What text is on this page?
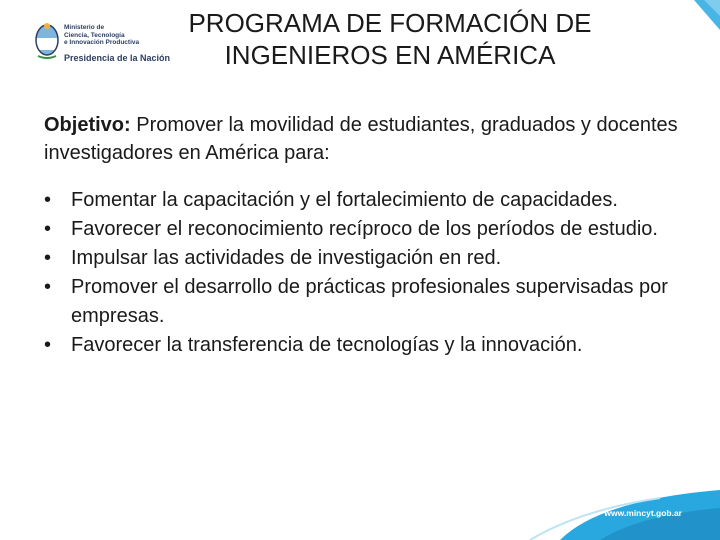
Ministerio de
Ciencia, Tecnología
e Innovación Productiva
Presidencia de la Nación
PROGRAMA DE FORMACIÓN DE
INGENIEROS EN AMÉRICA
Objetivo: Promover la movilidad de estudiantes, graduados y docentes investigadores en América para:
• Fomentar la capacitación y el fortalecimiento de capacidades.
• Favorecer el reconocimiento recíproco de los períodos de estudio.
• Impulsar las actividades de investigación en red.
• Promover el desarrollo de prácticas profesionales supervisadas por empresas.
• Favorecer la transferencia de tecnologías y la innovación.
www.mincyt.gob.ar
